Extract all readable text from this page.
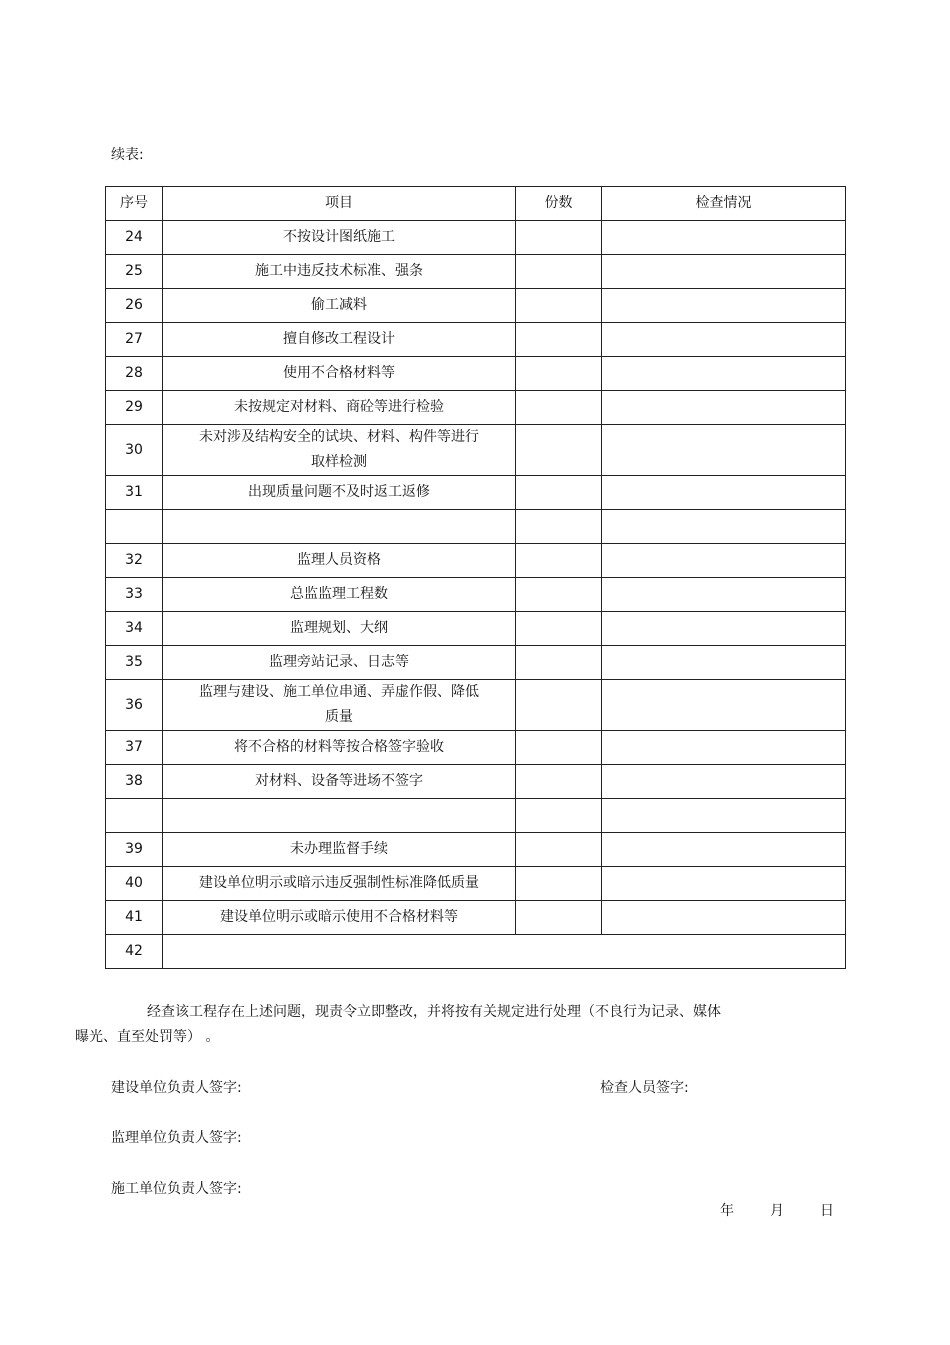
续表:
序号	项目	份数	检查情况
24	不按设计图纸施工		
25	施工中违反技术标准、强条		
26	偷工减料		
27	擅自修改工程设计		
28	使用不合格材料等		
29	未按规定对材料、商砼等进行检验		
30	未对涉及结构安全的试块、材料、构件等进行
取样检测		

31	出现质量问题不及时返工返修		

32	监理人员资格		
33	总监监理工程数		
34	监理规划、大纲		
35	监理旁站记录、日志等		
36	监理与建设、施工单位串通、弄虚作假、降低
质量		

37	将不合格的材料等按合格签字验收		
38	对材料、设备等进场不签字		

39	未办理监督手续		
40	建设单位明示或暗示违反强制性标准降低质量		
41	建设单位明示或暗示使用不合格材料等		
42			
经查该工程存在上述问题，现责令立即整改，并将按有关规定进行处理（不良行为记录、媒体
曝光、直至处罚等） 。
建设单位负责人签字:	检查人员签字:
监理单位负责人签字:
施工单位负责人签字:
年	月	日
